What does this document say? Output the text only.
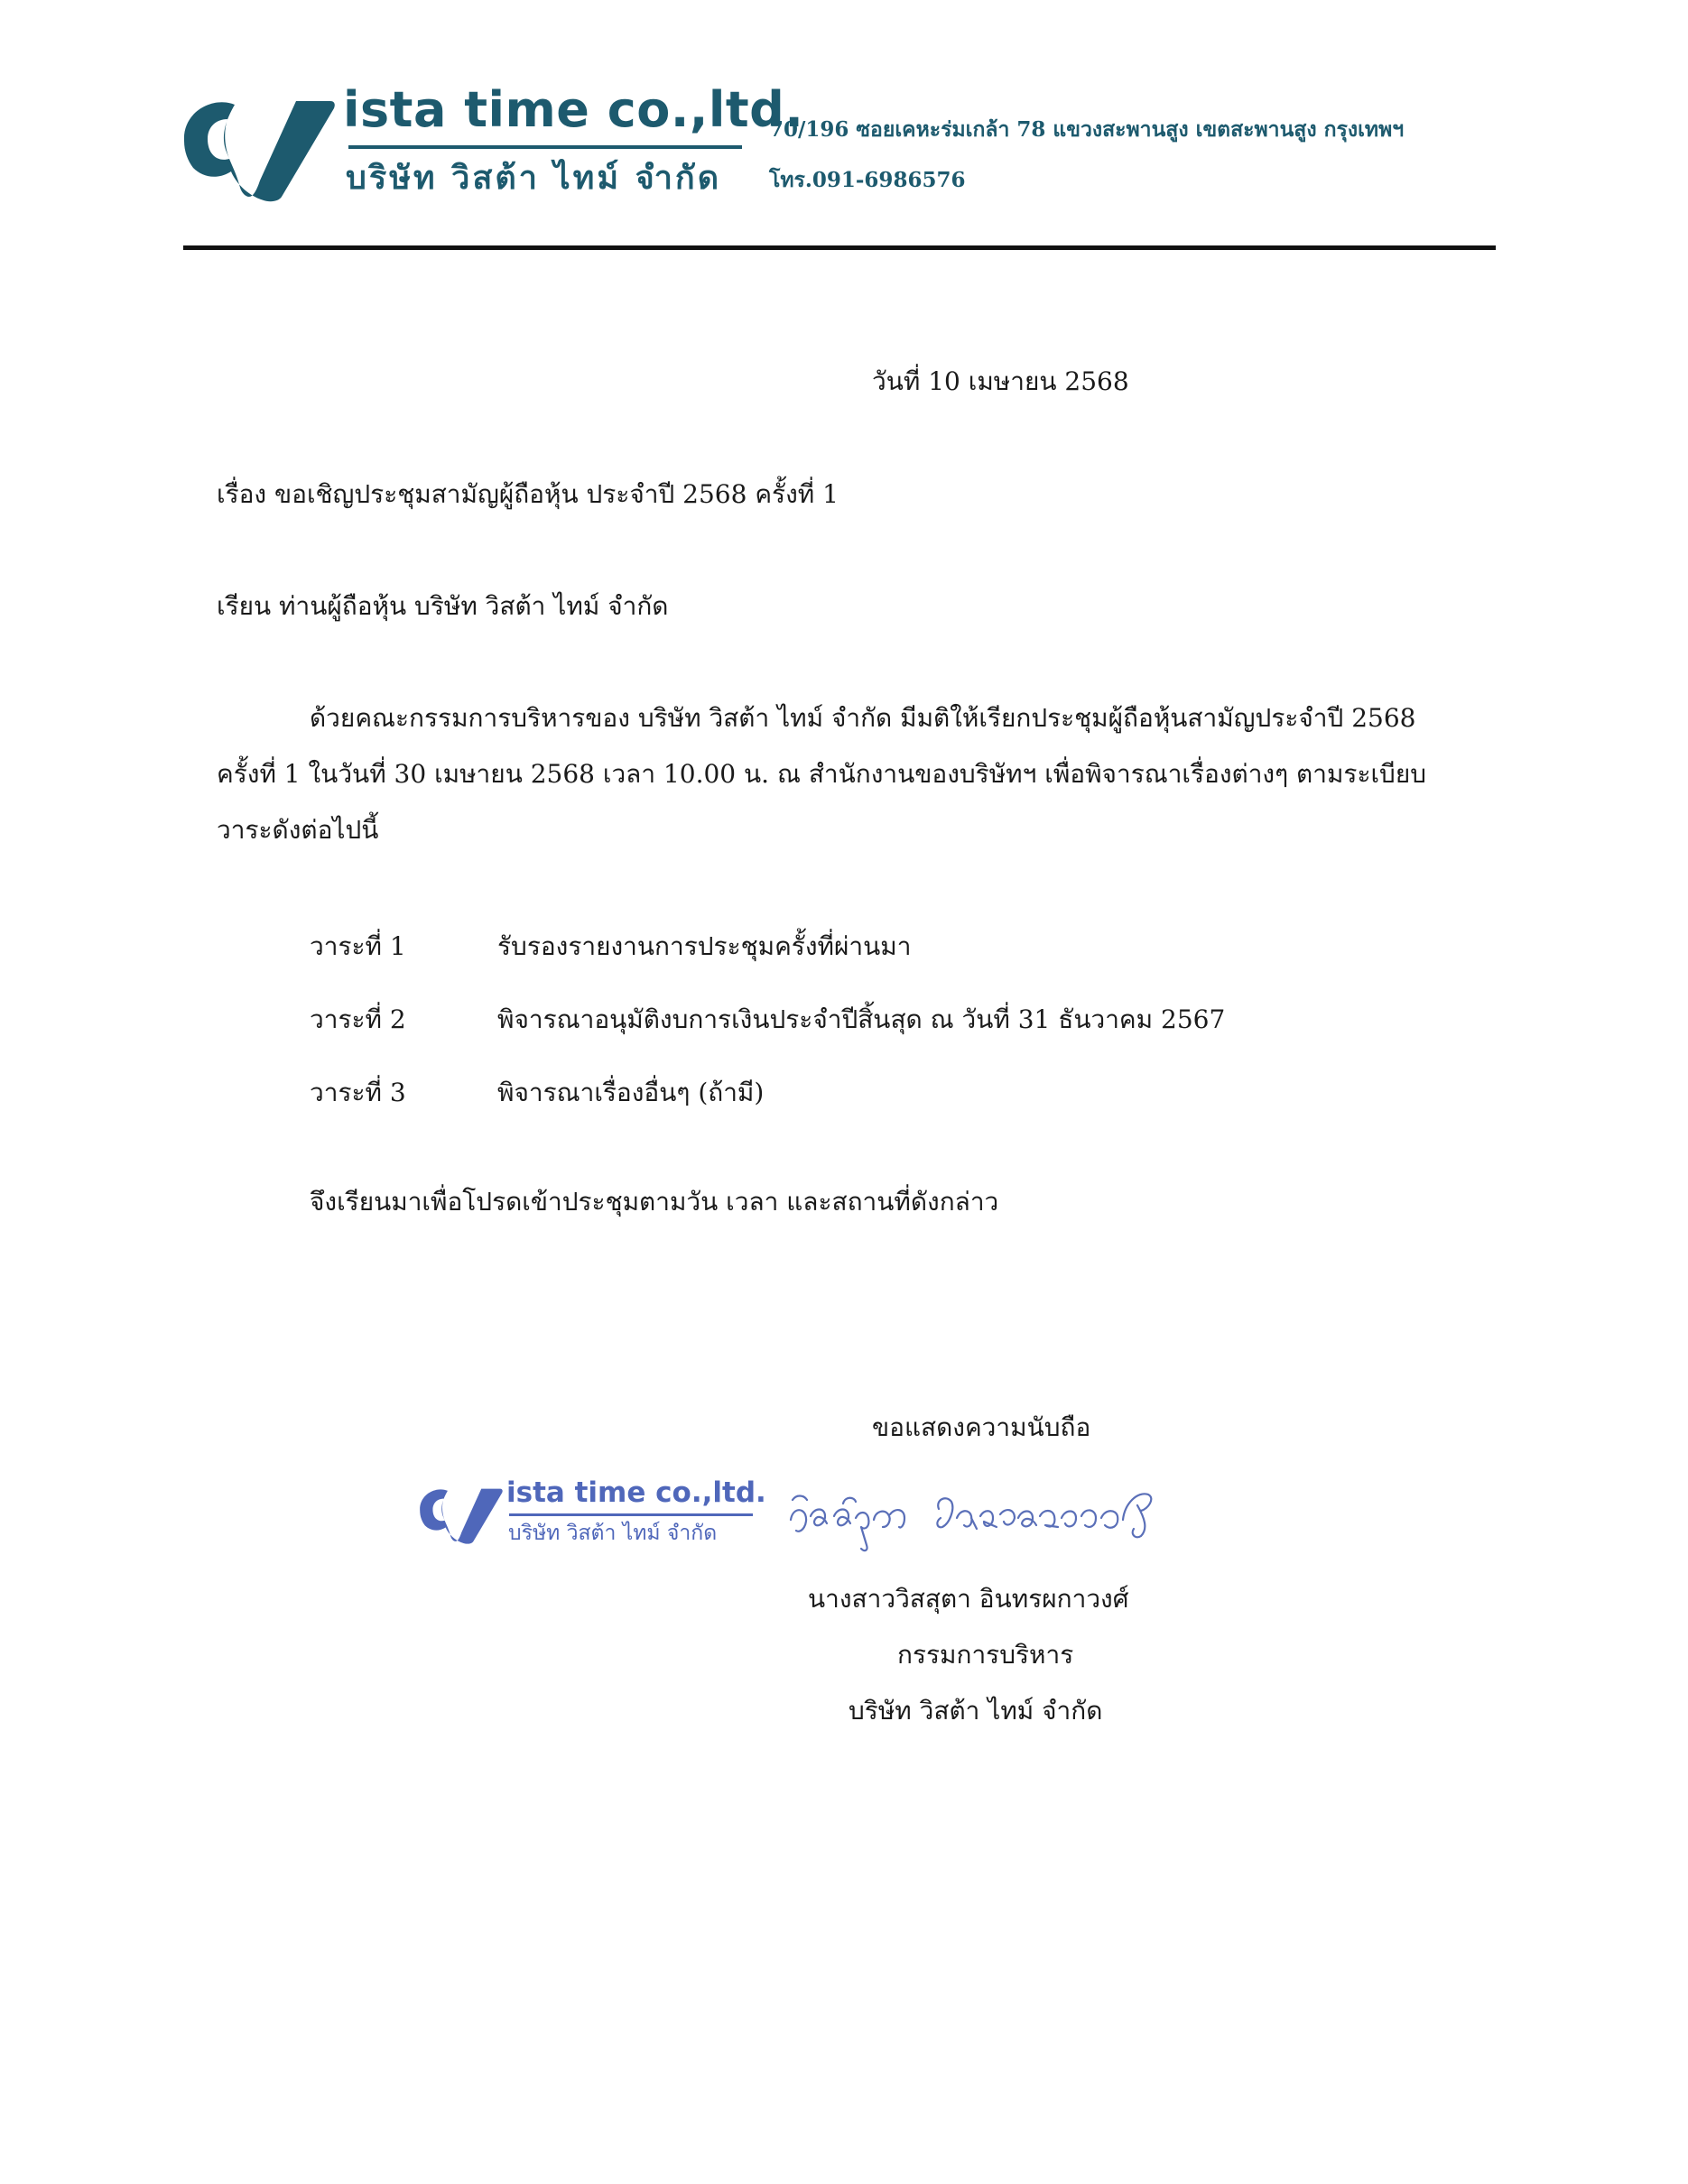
ista time co.,ltd.
บริษัท วิสต้า ไทม์ จำกัด
70/196 ซอยเคหะร่มเกล้า 78 แขวงสะพานสูง เขตสะพานสูง กรุงเทพฯ
โทร.091-6986576
วันที่ 10 เมษายน 2568
เรื่อง ขอเชิญประชุมสามัญผู้ถือหุ้น ประจำปี 2568 ครั้งที่ 1
เรียน ท่านผู้ถือหุ้น บริษัท วิสต้า ไทม์ จำกัด
ด้วยคณะกรรมการบริหารของ บริษัท วิสต้า ไทม์ จำกัด มีมติให้เรียกประชุมผู้ถือหุ้นสามัญประจำปี 2568
ครั้งที่ 1 ในวันที่ 30 เมษายน 2568 เวลา 10.00 น. ณ สำนักงานของบริษัทฯ เพื่อพิจารณาเรื่องต่างๆ ตามระเบียบ
วาระดังต่อไปนี้
วาระที่ 1	รับรองรายงานการประชุมครั้งที่ผ่านมา
วาระที่ 2	พิจารณาอนุมัติงบการเงินประจำปีสิ้นสุด ณ วันที่ 31 ธันวาคม 2567
วาระที่ 3	พิจารณาเรื่องอื่นๆ (ถ้ามี)
จึงเรียนมาเพื่อโปรดเข้าประชุมตามวัน เวลา และสถานที่ดังกล่าว
ขอแสดงความนับถือ
ista time co.,ltd.
บริษัท วิสต้า ไทม์ จำกัด
นางสาววิสสุตา อินทรผกาวงศ์
กรรมการบริหาร
บริษัท วิสต้า ไทม์ จำกัด
